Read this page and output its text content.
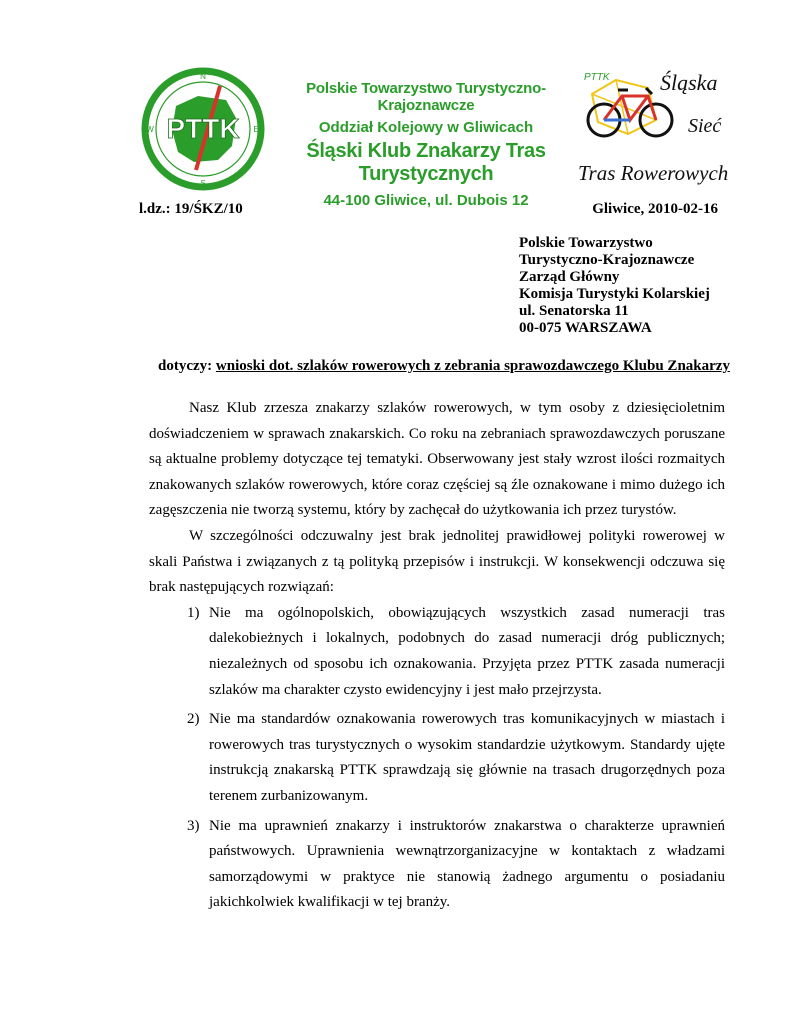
N
E
S
W PTTK
Polskie Towarzystwo Turystyczno-Krajoznawcze
Oddział Kolejowy w Gliwicach
Śląski Klub Znakarzy Tras Turystycznych
44-100 Gliwice, ul. Dubois 12
PTTK Śląska
Sieć
Tras Rowerowych
l.dz.: 19/ŚKZ/10	Gliwice, 2010-02-16
Polskie Towarzystwo
Turystyczno-Krajoznawcze
Zarząd Główny
Komisja Turystyki Kolarskiej
ul. Senatorska 11
00-075 WARSZAWA
dotyczy: wnioski dot. szlaków rowerowych z zebrania sprawozdawczego Klubu Znakarzy

Nasz Klub zrzesza znakarzy szlaków rowerowych, w tym osoby z dziesięcioletnim doświadczeniem w sprawach znakarskich. Co roku na zebraniach sprawozdawczych poruszane są aktualne problemy dotyczące tej tematyki. Obserwowany jest stały wzrost ilości rozmaitych znakowanych szlaków rowerowych, które coraz częściej są źle oznakowane i mimo dużego ich zagęszczenia nie tworzą systemu, który by zachęcał do użytkowania ich przez turystów.

W szczególności odczuwalny jest brak jednolitej prawidłowej polityki rowerowej w skali Państwa i związanych z tą polityką przepisów i instrukcji. W konsekwencji odczuwa się brak następujących rozwiązań:

1) Nie ma ogólnopolskich, obowiązujących wszystkich zasad numeracji tras dalekobieżnych i lokalnych, podobnych do zasad numeracji dróg publicznych; niezależnych od sposobu ich oznakowania. Przyjęta przez PTTK zasada numeracji szlaków ma charakter czysto ewidencyjny i jest mało przejrzysta.
2) Nie ma standardów oznakowania rowerowych tras komunikacyjnych w miastach i rowerowych tras turystycznych o wysokim standardzie użytkowym. Standardy ujęte instrukcją znakarską PTTK sprawdzają się głównie na trasach drugorzędnych poza terenem zurbanizowanym.
3) Nie ma uprawnień znakarzy i instruktorów znakarstwa o charakterze uprawnień państwowych. Uprawnienia wewnątrzorganizacyjne w kontaktach z władzami samorządowymi w praktyce nie stanowią żadnego argumentu o posiadaniu jakichkolwiek kwalifikacji w tej branży.
